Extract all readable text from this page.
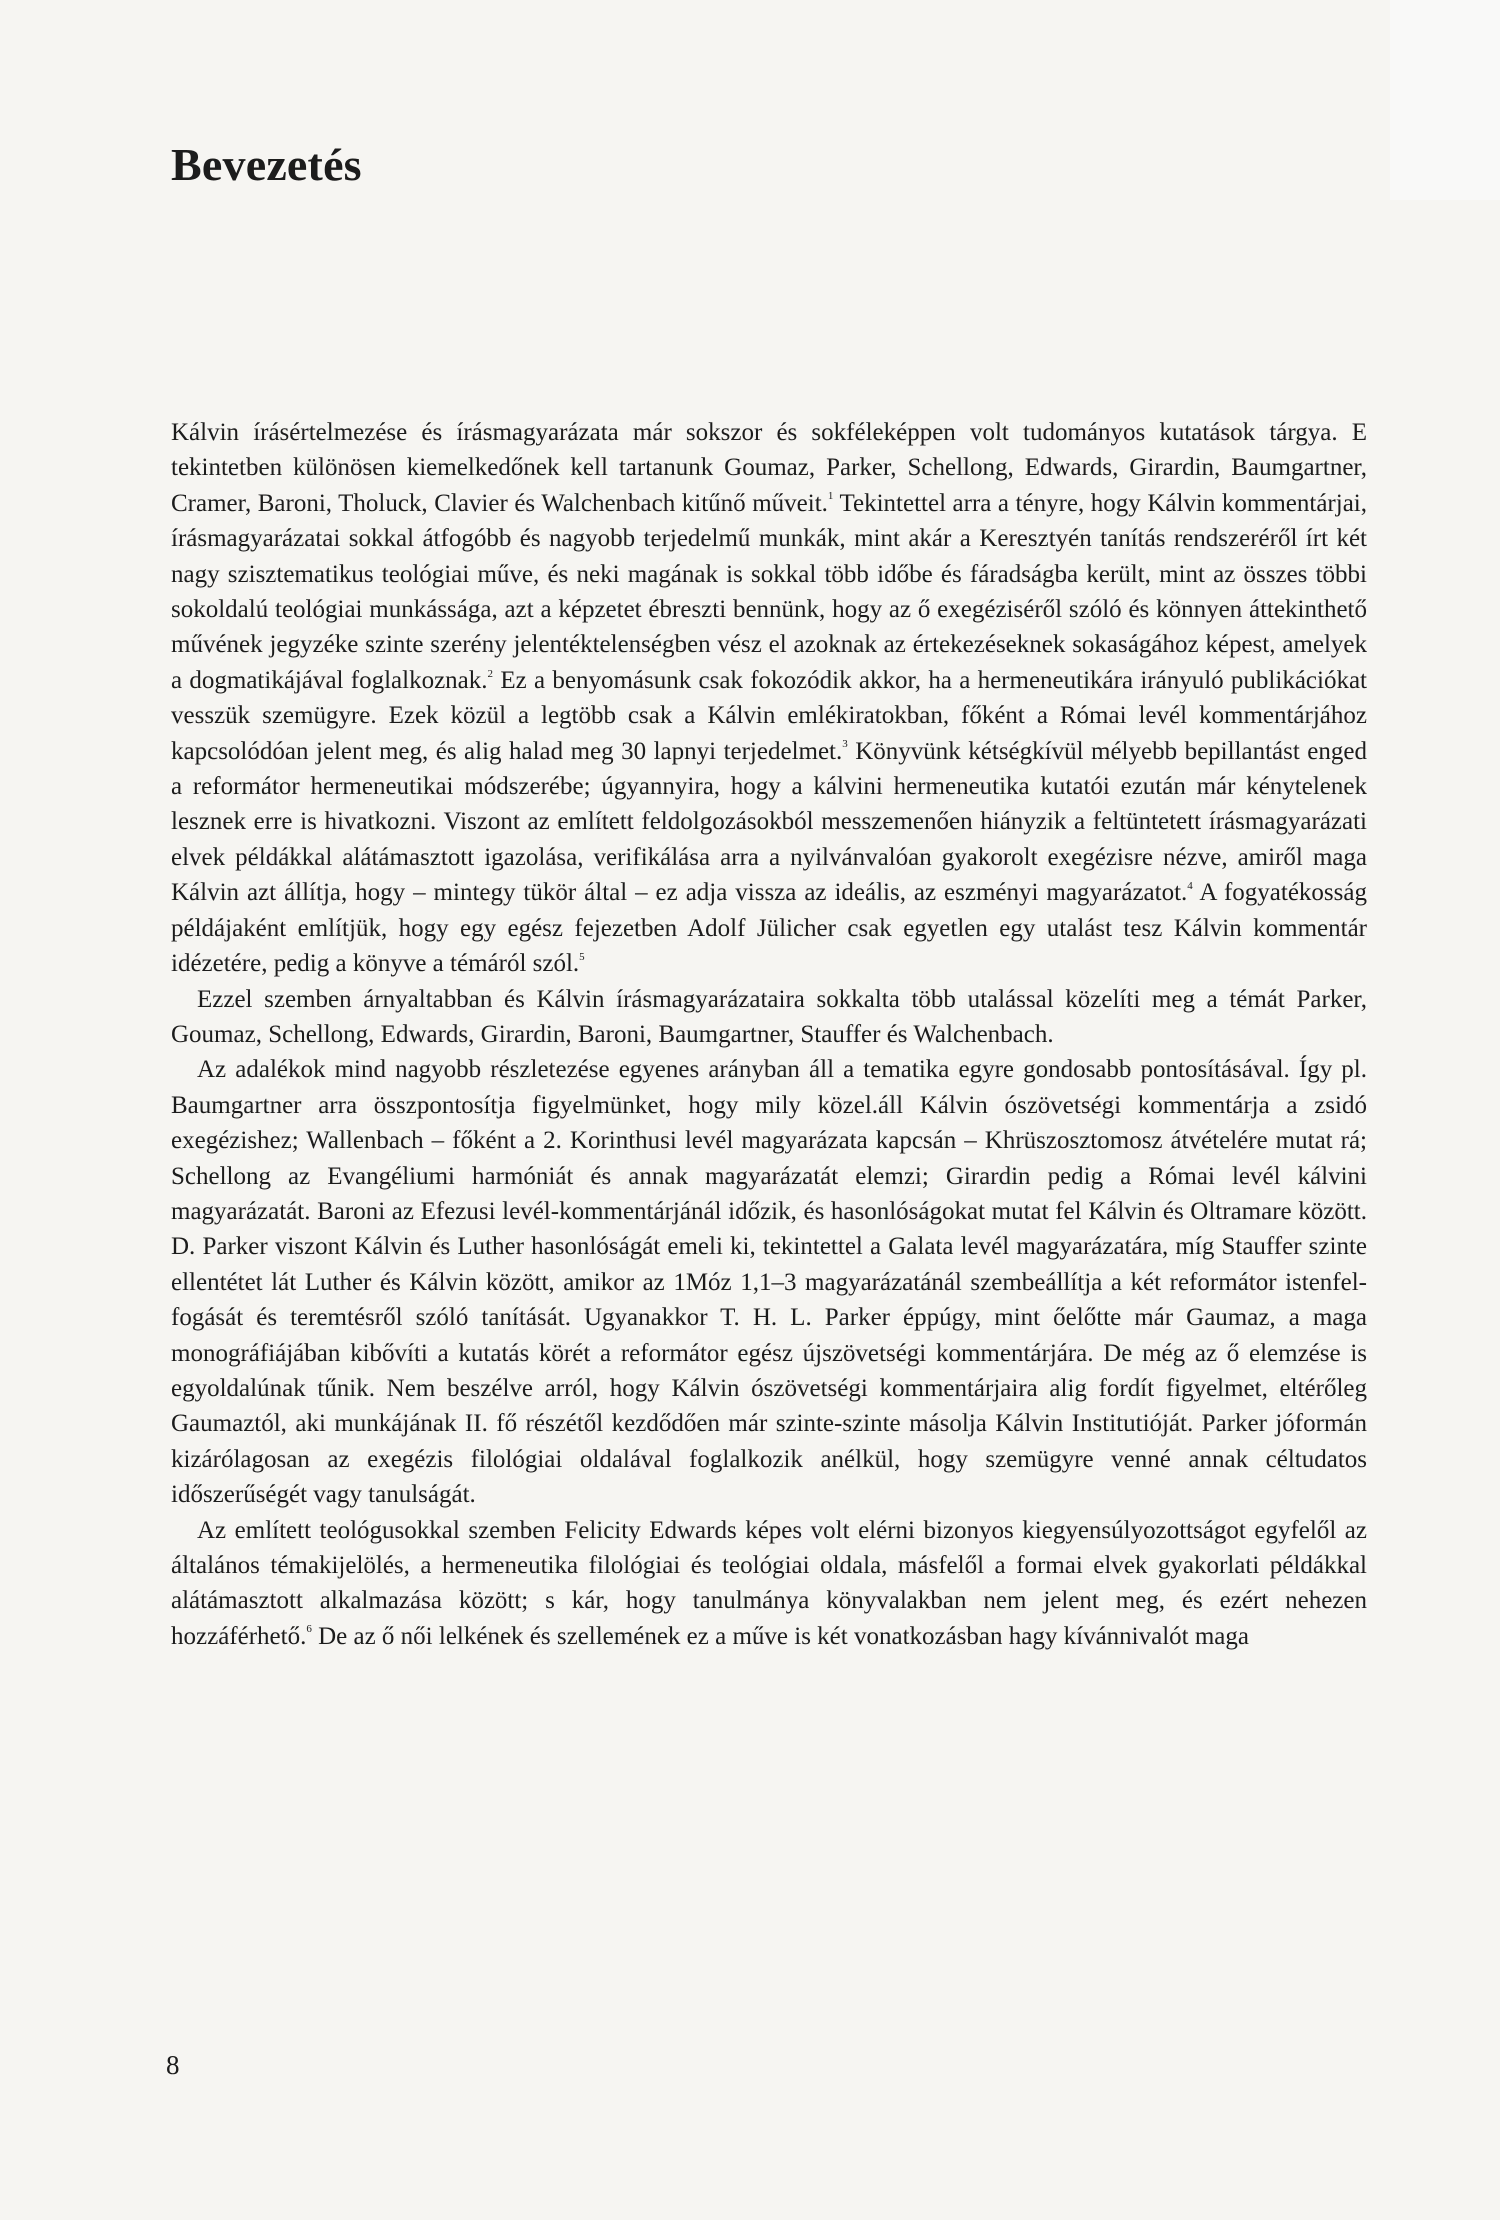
Bevezetés

Kálvin írásértelmezése és írásmagyarázata már sokszor és sokféleképpen volt tudományos kutatások tárgya. E tekintetben különösen kiemelkedőnek kell tartanunk Goumaz, Parker, Schellong, Edwards, Girardin, Baumgartner, Cramer, Baroni, Tholuck, Clavier és Walchenbach kitűnő műveit.$^1$ Tekintettel arra a tényre, hogy Kálvin kommentárjai, írásmagyarázatai sokkal átfogóbb és nagyobb terjedelmű munkák, mint akár a Keresztyén tanítás rendszeréről írt két nagy szisztematikus teológiai műve, és neki magának is sokkal több időbe és fáradságba került, mint az összes többi sokoldalú teológiai munkássága, azt a képzetet ébreszti bennünk, hogy az ő exegéziséről szóló és könnyen áttekinthető művének jegyzéke szinte szerény jelentéktelenségben vész el azoknak az értekezéseknek sokaságához képest, amelyek a dogmatikájával foglalkoznak.$^2$ Ez a benyomásunk csak fokozódik akkor, ha a hermeneutikára irányuló publikációkat vesszük szemügyre. Ezek közül a legtöbb csak a Kálvin emlékiratokban, főként a Római levél kommentárjához kapcsolódóan jelent meg, és alig halad meg 30 lapnyi terjedelmet.$^3$ Könyvünk kétségkívül mélyebb bepillantást enged a reformátor hermeneutikai módszerébe; úgyannyira, hogy a kálvini hermeneutika kutatói ezután már kénytelenek lesznek erre is hivatkozni. Viszont az említett feldolgozásokból messzemenően hiányzik a feltüntetett írásmagyarázati elvek példákkal alátámasztott igazolása, verifikálása arra a nyilvánvalóan gyakorolt exegézisre nézve, amiről maga Kálvin azt állítja, hogy – mintegy tükör által – ez adja vissza az ideális, az eszményi magyarázatot.$^4$ A fogyatékosság példájaként említjük, hogy egy egész fejezetben Adolf Jülicher csak egyetlen egy utalást tesz Kálvin kommentár idézetére, pedig a könyve a témáról szól.$^5$

Ezzel szemben árnyaltabban és Kálvin írásmagyarázataira sokkalta több utalással közelíti meg a témát Parker, Goumaz, Schellong, Edwards, Girardin, Baroni, Baumgartner, Stauffer és Walchenbach.

Az adalékok mind nagyobb részletezése egyenes arányban áll a tematika egyre gondosabb pontosításával. Így pl. Baumgartner arra összpontosítja figyelmünket, hogy mily közel.áll Kálvin ószövetségi kommentárja a zsidó exegézishez; Wallenbach – főként a 2. Korinthusi levél magyarázata kapcsán – Khrüszosztomosz átvételére mutat rá; Schellong az Evangéliumi harmóniát és annak magyarázatát elemzi; Girardin pedig a Római levél kálvini magyarázatát. Baroni az Efezusi levél-kommentárjánál időzik, és hasonlóságokat mutat fel Kálvin és Oltramare között. D. Parker viszont Kálvin és Luther hasonlóságát emeli ki, tekintettel a Galata levél magyarázatára, míg Stauffer szinte ellentétet lát Luther és Kálvin között, amikor az 1Móz 1,1–3 magyarázatánál szembeállítja a két reformátor istenfelfogását és teremtésről szóló tanítását. Ugyanakkor T. H. L. Parker éppúgy, mint őelőtte már Gaumaz, a maga monográfiájában kibővíti a kutatás körét a reformátor egész újszövetségi kommentárjára. De még az ő elemzése is egyoldalúnak tűnik. Nem beszélve arról, hogy Kálvin ószövetségi kommentárjaira alig fordít figyelmet, eltérőleg Gaumaztól, aki munkájának II. fő részétől kezdődően már szinte-szinte másolja Kálvin Institutióját. Parker jóformán kizárólagosan az exegézis filológiai oldalával foglalkozik anélkül, hogy szemügyre venné annak céltudatos időszerűségét vagy tanulságát.

Az említett teológusokkal szemben Felicity Edwards képes volt elérni bizonyos kiegyensúlyozottságot egyfelől az általános témakijelölés, a hermeneutika filológiai és teológiai oldala, másfelől a formai elvek gyakorlati példákkal alátámasztott alkalmazása között; s kár, hogy tanulmánya könyvalakban nem jelent meg, és ezért nehezen hozzáférhető.$^6$ De az ő női lelkének és szellemének ez a műve is két vonatkozásban hagy kívánnivalót maga

8
